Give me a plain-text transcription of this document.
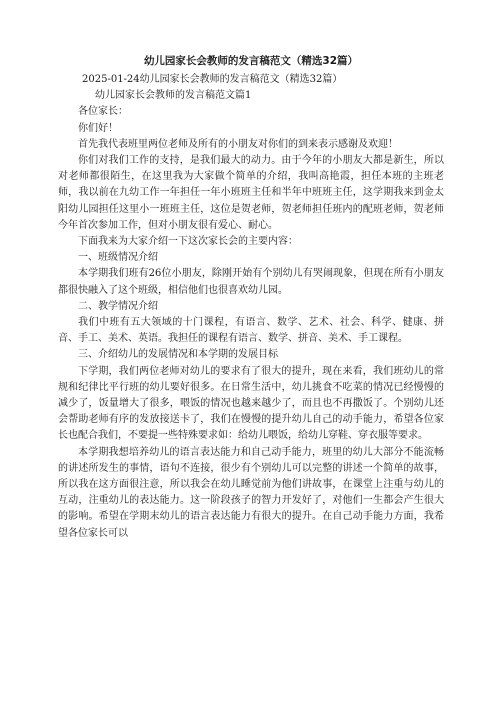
幼儿园家长会教师的发言稿范文（精选32篇）
2025-01-24幼儿园家长会教师的发言稿范文（精选32篇）
幼儿园家长会教师的发言稿范文篇1

各位家长：

你们好！

首先我代表班里两位老师及所有的小朋友对你们的到来表示感谢及欢迎！

你们对我们工作的支持，是我们最大的动力。由于今年的小朋友大都是新生，所以对老师都很陌生，在这里我为大家做个简单的介绍，我叫高艳霞，担任本班的主班老师，我以前在九幼工作一年担任一年小班班主任和半年中班班主任，这学期我来到金太阳幼儿园担任这里小一班班主任，这位是贺老师，贺老师担任班内的配班老师，贺老师今年首次参加工作，但对小朋友很有爱心、耐心。

下面我来为大家介绍一下这次家长会的主要内容：

一、班级情况介绍

本学期我们班有26位小朋友，除刚开始有个别幼儿有哭闹现象，但现在所有小朋友都很快融入了这个班级，相信他们也很喜欢幼儿园。

二、教学情况介绍

我们中班有五大领域的十门课程，有语言、数学、艺术、社会、科学、健康、拼音、手工、美术、英语。我担任的课程有语言、数学、拼音、美术、手工课程。

三、介绍幼儿的发展情况和本学期的发展目标

下学期，我们两位老师对幼儿的要求有了很大的提升，现在来看，我们班幼儿的常规和纪律比平行班的幼儿要好很多。在日常生活中，幼儿挑食不吃菜的情况已经慢慢的减少了，饭量增大了很多，喂饭的情况也越来越少了，而且也不再撒饭了。个别幼儿还会帮助老师有序的发放接送卡了，我们在慢慢的提升幼儿自己的动手能力，希望各位家长也配合我们，不要提一些特殊要求如：给幼儿喂饭，给幼儿穿鞋、穿衣服等要求。

本学期我想培养幼儿的语言表达能力和自己动手能力，班里的幼儿大部分不能流畅的讲述所发生的事情，语句不连接，很少有个别幼儿可以完整的讲述一个简单的故事，所以我在这方面很注意，所以我会在幼儿睡觉前为他们讲故事，在课堂上注重与幼儿的互动，注重幼儿的表达能力。这一阶段孩子的智力开发好了，对他们一生都会产生很大的影响。希望在学期末幼儿的语言表达能力有很大的提升。在自己动手能力方面，我希望各位家长可以
